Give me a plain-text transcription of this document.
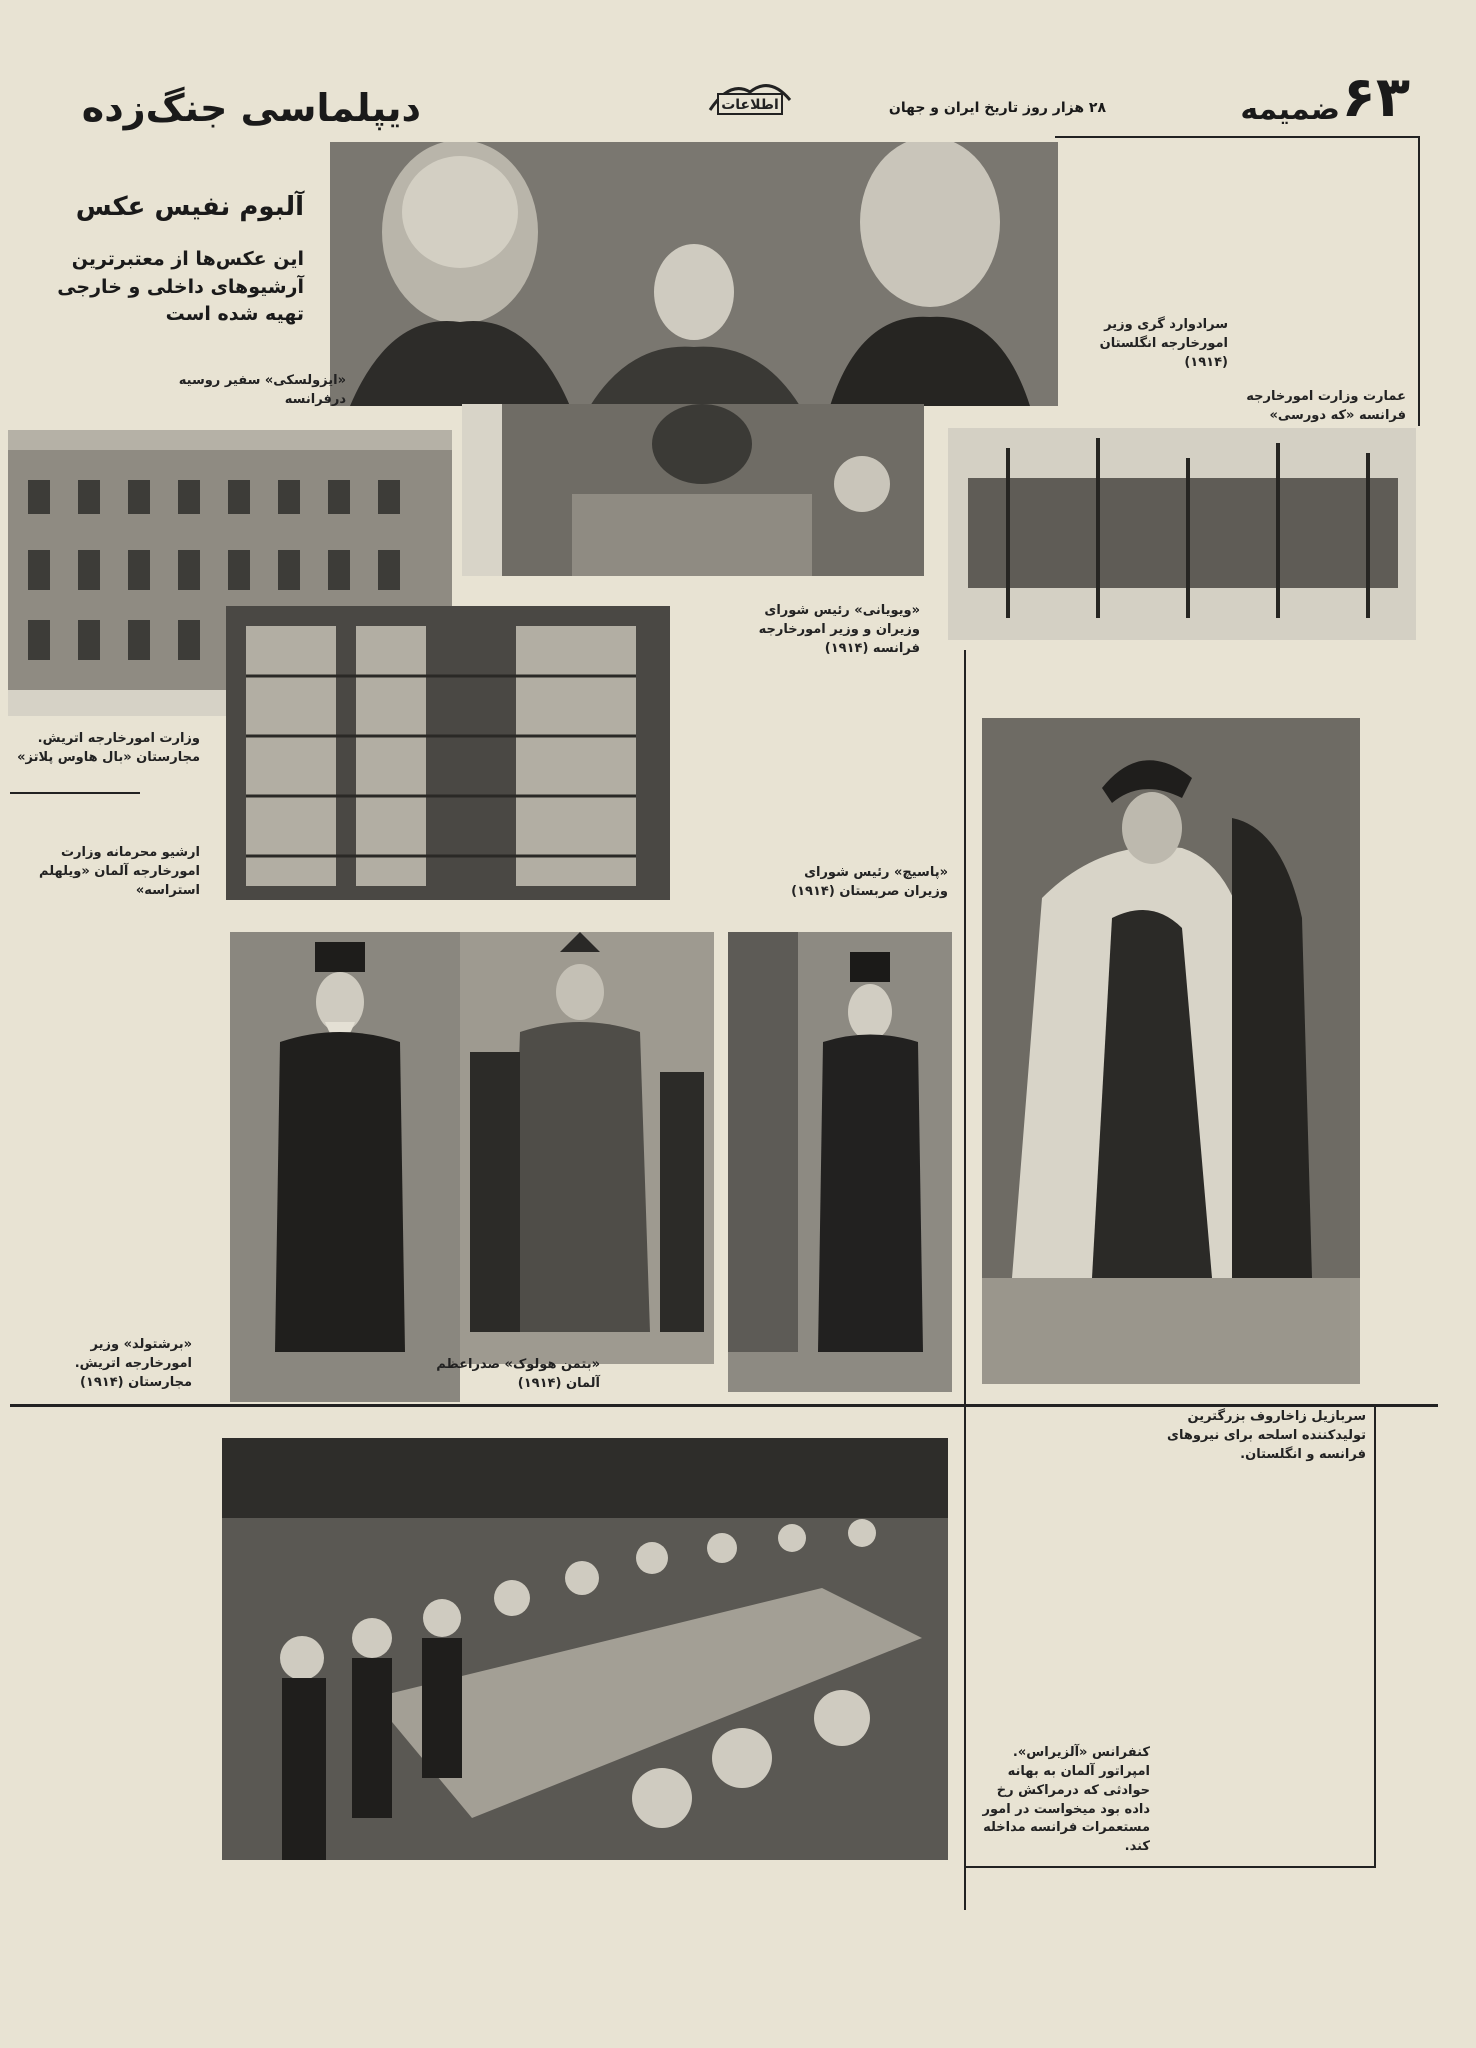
۶۳
ضمیمه
۲۸ هزار روز تاریخ ایران و جهان
اطلاعات
دیپلماسی جنگ‌زده
آلبوم نفیس عکس
این عکس‌ها از معتبرترین آرشیوهای داخلی و خارجی تهیه شده است
«ایزولسکی» سفیر روسیه درفرانسه
سرادوارد گری وزیر امورخارجه انگلستان (۱۹۱۴)
عمارت وزارت امورخارجه فرانسه «که دورسی»
«ویویانی» رئیس شورای وزیران و وزیر امورخارجه فرانسه (۱۹۱۴)
وزارت امورخارجه اتریش. مجارستان «بال هاوس پلاتز»
ارشیو محرمانه وزارت امورخارجه آلمان «ویلهلم استراسه»
«پاسیچ» رئیس شورای وزیران صربستان (۱۹۱۴)
«بتمن هولوک» صدراعظم آلمان (۱۹۱۴)
«برشتولد» وزیر امورخارجه اتریش. مجارستان (۱۹۱۴)
سربازیل زاخاروف بزرگترین تولیدکننده اسلحه برای نیروهای فرانسه و انگلستان.
کنفرانس «آلزیراس». امپراتور آلمان به بهانه حوادثی که درمراکش رخ داده بود میخواست در امور مستعمرات فرانسه مداخله کند.
